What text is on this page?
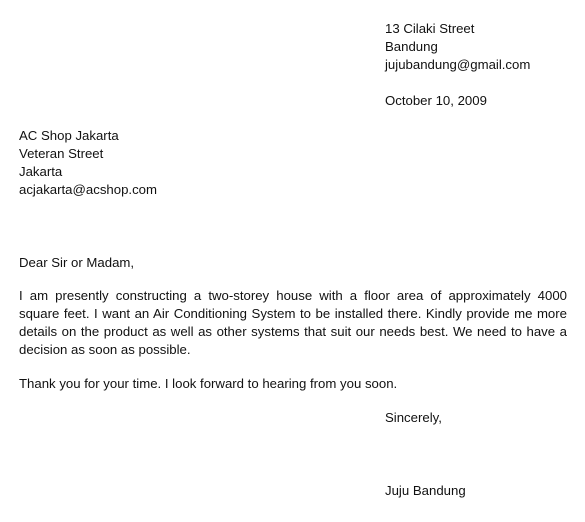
13 Cilaki Street
Bandung
jujubandung@gmail.com
October 10, 2009
AC Shop Jakarta
Veteran Street
Jakarta
acjakarta@acshop.com
Dear Sir or Madam,
I am presently constructing a two-storey house with a floor area of approximately 4000
square feet. I want an Air Conditioning System to be installed there. Kindly provide me more
details on the product as well as other systems that suit our needs best. We need to have a
decision as soon as possible.
Thank you for your time. I look forward to hearing from you soon.
Sincerely,
Juju Bandung
